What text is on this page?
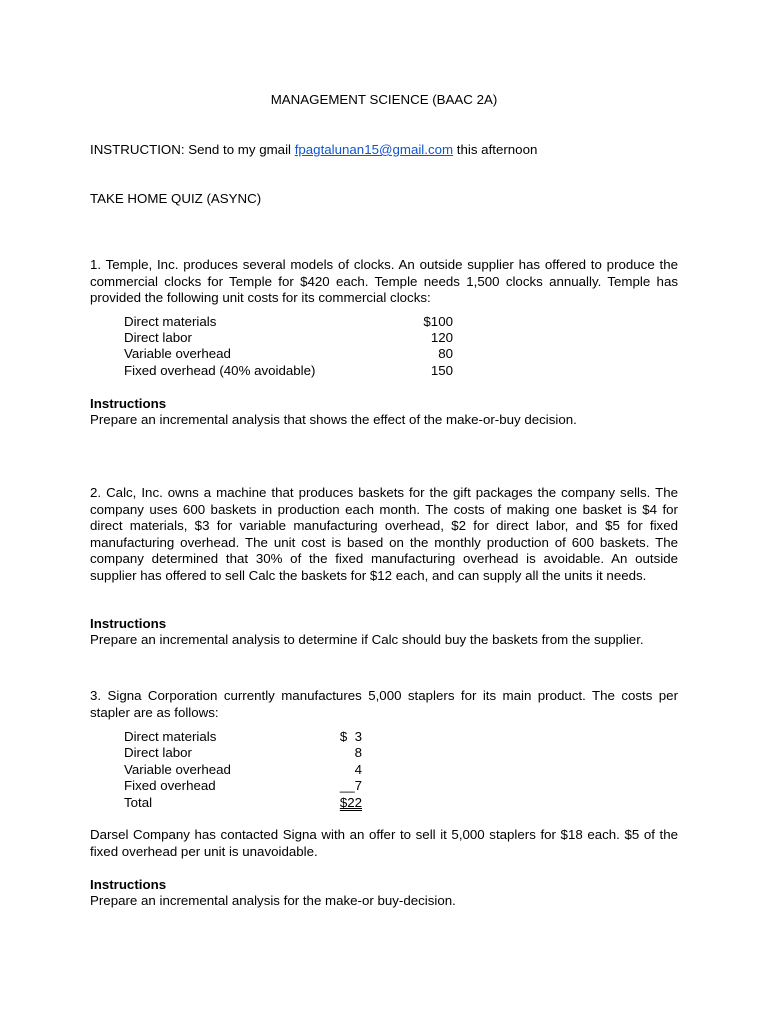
MANAGEMENT SCIENCE (BAAC 2A)
INSTRUCTION: Send to my gmail fpagtalunan15@gmail.com this afternoon
TAKE HOME QUIZ (ASYNC)
1. Temple, Inc. produces several models of clocks. An outside supplier has offered to produce the commercial clocks for Temple for $420 each. Temple needs 1,500 clocks annually. Temple has provided the following unit costs for its commercial clocks:
Direct materials	$100
Direct labor	120
Variable overhead	80
Fixed overhead (40% avoidable)	150
Instructions
Prepare an incremental analysis that shows the effect of the make-or-buy decision.
2. Calc, Inc. owns a machine that produces baskets for the gift packages the company sells. The company uses 600 baskets in production each month. The costs of making one basket is $4 for direct materials, $3 for variable manufacturing overhead, $2 for direct labor, and $5 for fixed manufacturing overhead. The unit cost is based on the monthly production of 600 baskets. The company determined that 30% of the fixed manufacturing overhead is avoidable. An outside supplier has offered to sell Calc the baskets for $12 each, and can supply all the units it needs.
Instructions
Prepare an incremental analysis to determine if Calc should buy the baskets from the supplier.
3. Signa Corporation currently manufactures 5,000 staplers for its main product. The costs per stapler are as follows:
Direct materials	$  3
Direct labor	8
Variable overhead	4
Fixed overhead	__7
Total	$22
Darsel Company has contacted Signa with an offer to sell it 5,000 staplers for $18 each. $5 of the fixed overhead per unit is unavoidable.
Instructions
Prepare an incremental analysis for the make-or buy-decision.
